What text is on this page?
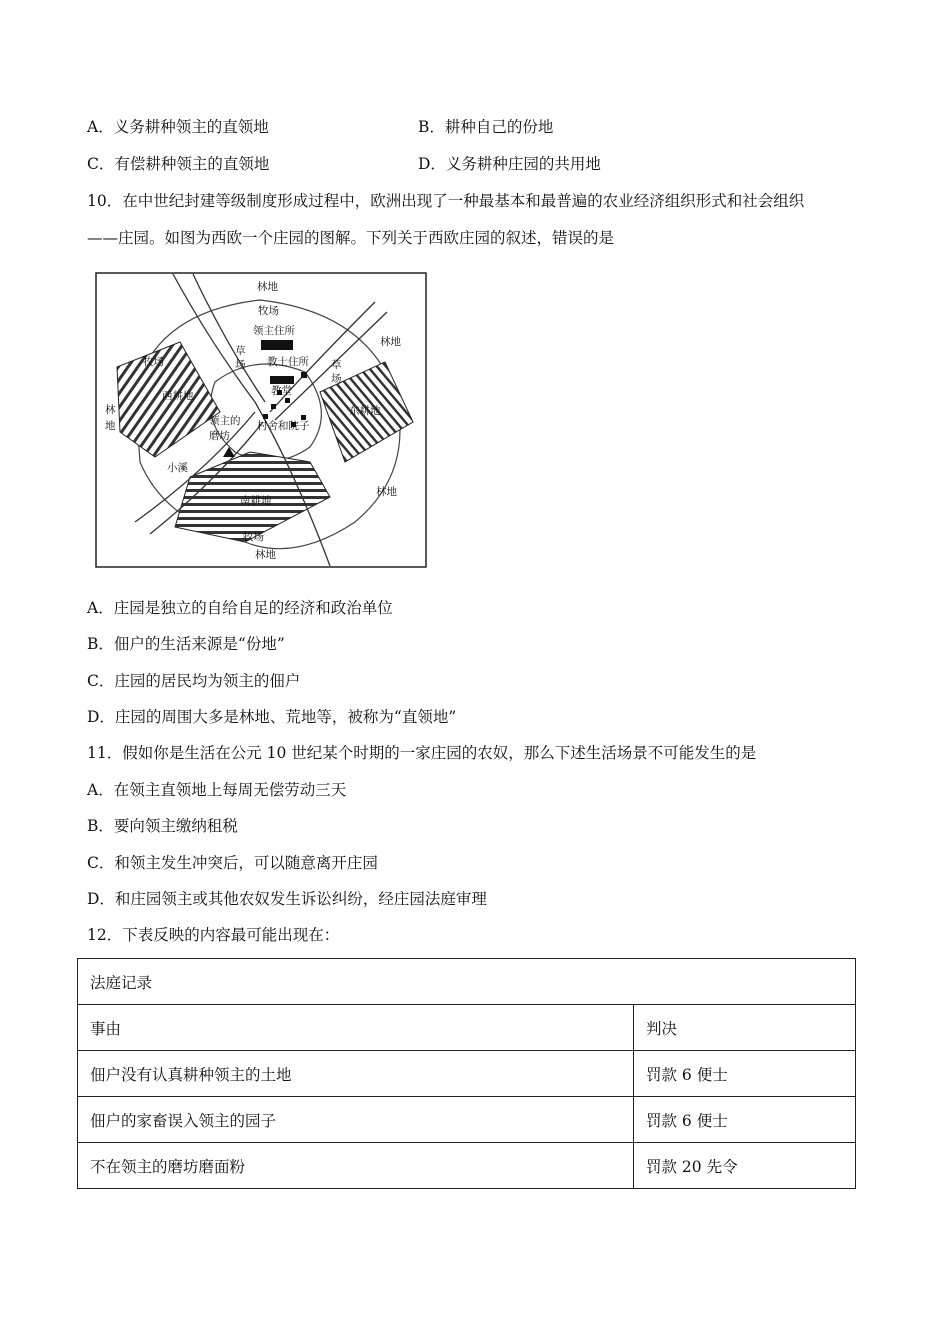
A．义务耕种领主的直领地	B．耕种自己的份地
C．有偿耕种领主的直领地	D．义务耕种庄园的共用地
10．在中世纪封建等级制度形成过程中，欧洲出现了一种最基本和最普遍的农业经济组织形式和社会组织
——庄园。如图为西欧一个庄园的图解。下列关于西欧庄园的叙述，错误的是
林地
牧场
领主住所
林地
牧场
草
场 教士住所
教堂
草
场
西耕地
林
地
东耕地
领主的
磨坊
村舍和院子
小溪
林地
南耕地
牧场
林地
A．庄园是独立的自给自足的经济和政治单位
B．佃户的生活来源是“份地”
C．庄园的居民均为领主的佃户
D．庄园的周围大多是林地、荒地等，被称为“直领地”
11．假如你是生活在公元 10 世纪某个时期的一家庄园的农奴，那么下述生活场景不可能发生的是
A．在领主直领地上每周无偿劳动三天
B．要向领主缴纳租税
C．和领主发生冲突后，可以随意离开庄园
D．和庄园领主或其他农奴发生诉讼纠纷，经庄园法庭审理
12．下表反映的内容最可能出现在：
法庭记录	
事由	判决
佃户没有认真耕种领主的土地	罚款 6 便士
佃户的家畜误入领主的园子	罚款 6 便士
不在领主的磨坊磨面粉	罚款 20 先令
